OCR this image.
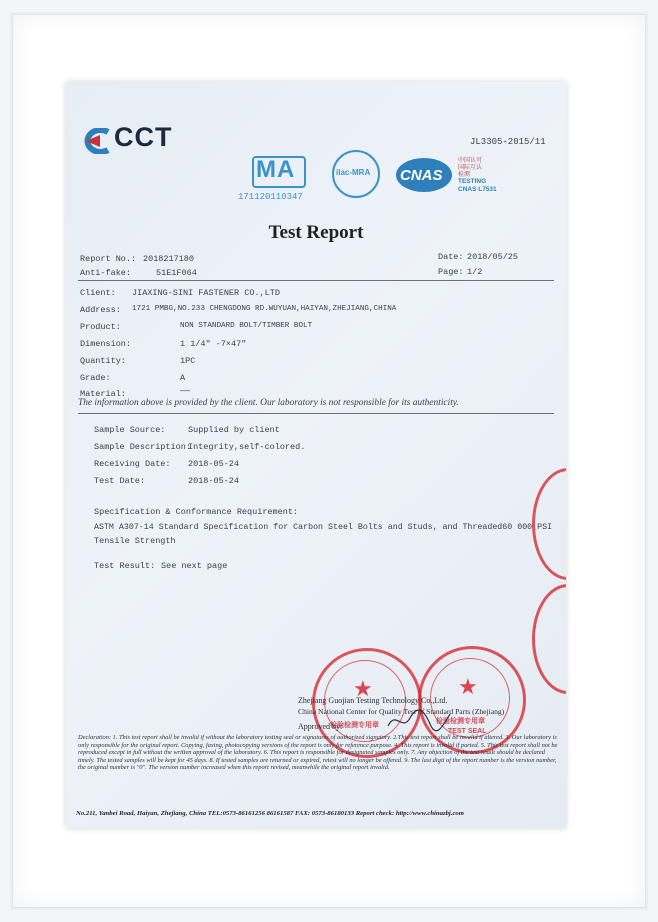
CCT
MA
171120110347
ilac-MRA CNAS
中国认可
国际互认
检测
TESTING
CNAS L7531
JL3305-2015/11
Test Report
Report No.: 2018217180
Anti-fake:	51E1F064
Date: 2018/05/25
Page: 1/2
Client: JIAXING-SINI FASTENER CO.,LTD
Address: 1721 PMBG,NO.233 CHENGDONG RD.WUYUAN,HAIYAN,ZHEJIANG,CHINA
Product:	NON STANDARD BOLT/TIMBER BOLT
Dimension:	1 1/4" -7×47"
Quantity:	1PC
Grade:	A
Material:	——
The information above is provided by the client. Our laboratory is not responsible for its authenticity.
Sample Source:	Supplied by client
Sample Description:
Integrity,self-colored.
Receiving Date: 2018-05-24
Test Date:	2018-05-24
Specification & Conformance Requirement:
ASTM A307-14 Standard Specification for Carbon Steel Bolts and Studs, and Threaded60 000 PSI
Tensile Strength
Test Result: See next page
★
检验检测专用章
★
检验检测专用章
TEST SEAL
Zhejiang Guojian Testing Technology Co.,Ltd.
China National Center for Quality Test of Standard Parts (Zhejiang)
Approved by:
Declaration: 1. This test report shall be invalid if without the laboratory testing seal or signatures of authorized signatory. 2.This test report shall be invalid if altered. 3. Our laboratory is only responsible for the original report. Copying, faxing, photocopying versions of the report is only for reference purpose. 4. This report is invalid if parted. 5. This test report shall not be reproduced except in full without the written approval of the laboratory. 6. This report is responsible for designated samples only. 7. Any objection of the test result should be declared timely. The tested samples will be kept for 45 days. 8. If tested samples are returned or expired, retest will no longer be offered. 9. The last digit of the report number is the version number, the original number is "0". The version number increased when this report revised, meanwhile the original report invalid.
No.211, Yanbei Road, Haiyan, Zhejiang, China TEL:0573-86161256 86161587 FAX: 0573-86180133 Report check: http://www.chinazbj.com
